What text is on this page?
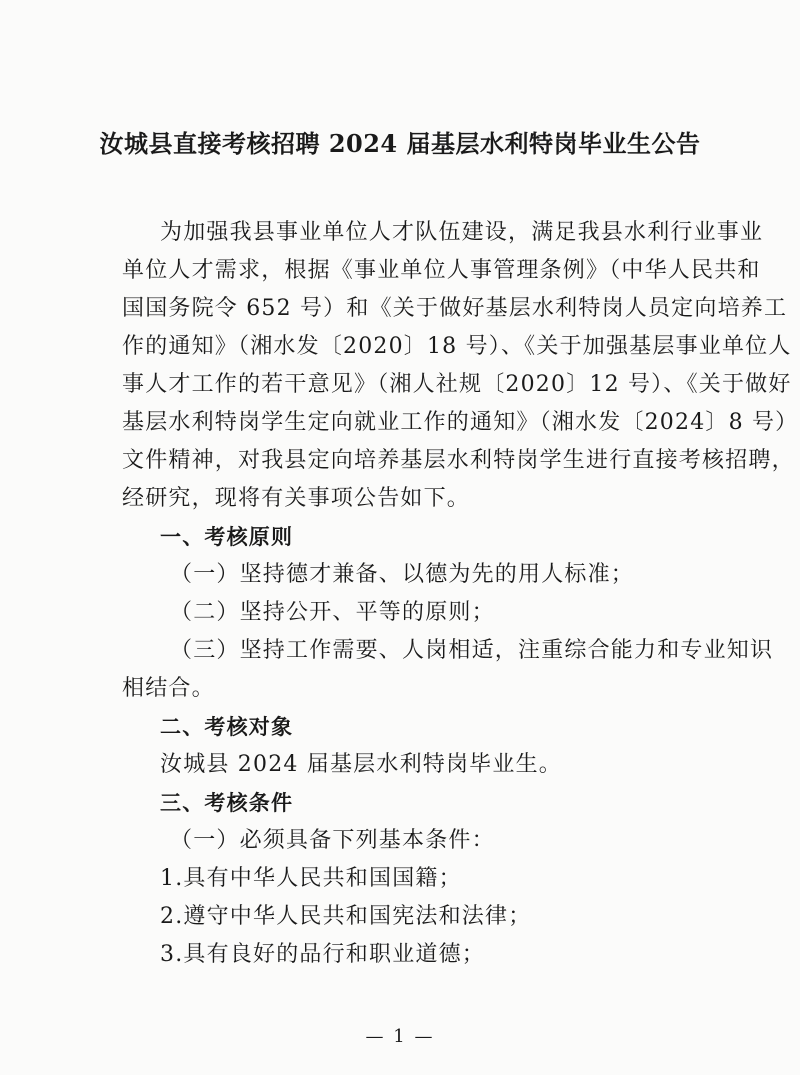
汝城县直接考核招聘 2024 届基层水利特岗毕业生公告
为加强我县事业单位人才队伍建设，满足我县水利行业事业
单位人才需求，根据《事业单位人事管理条例》（中华人民共和
国国务院令 652 号）和《关于做好基层水利特岗人员定向培养工
作的通知》（湘水发〔2020〕18 号）、《关于加强基层事业单位人
事人才工作的若干意见》（湘人社规〔2020〕12 号）、《关于做好
基层水利特岗学生定向就业工作的通知》（湘水发〔2024〕8 号）
文件精神，对我县定向培养基层水利特岗学生进行直接考核招聘，
经研究，现将有关事项公告如下。
一、考核原则
（一）坚持德才兼备、以德为先的用人标准；
（二）坚持公开、平等的原则；
（三）坚持工作需要、人岗相适，注重综合能力和专业知识
相结合。
二、考核对象
汝城县 2024 届基层水利特岗毕业生。
三、考核条件
（一）必须具备下列基本条件：
1.具有中华人民共和国国籍；
2.遵守中华人民共和国宪法和法律；
3.具有良好的品行和职业道德；
— 1 —
